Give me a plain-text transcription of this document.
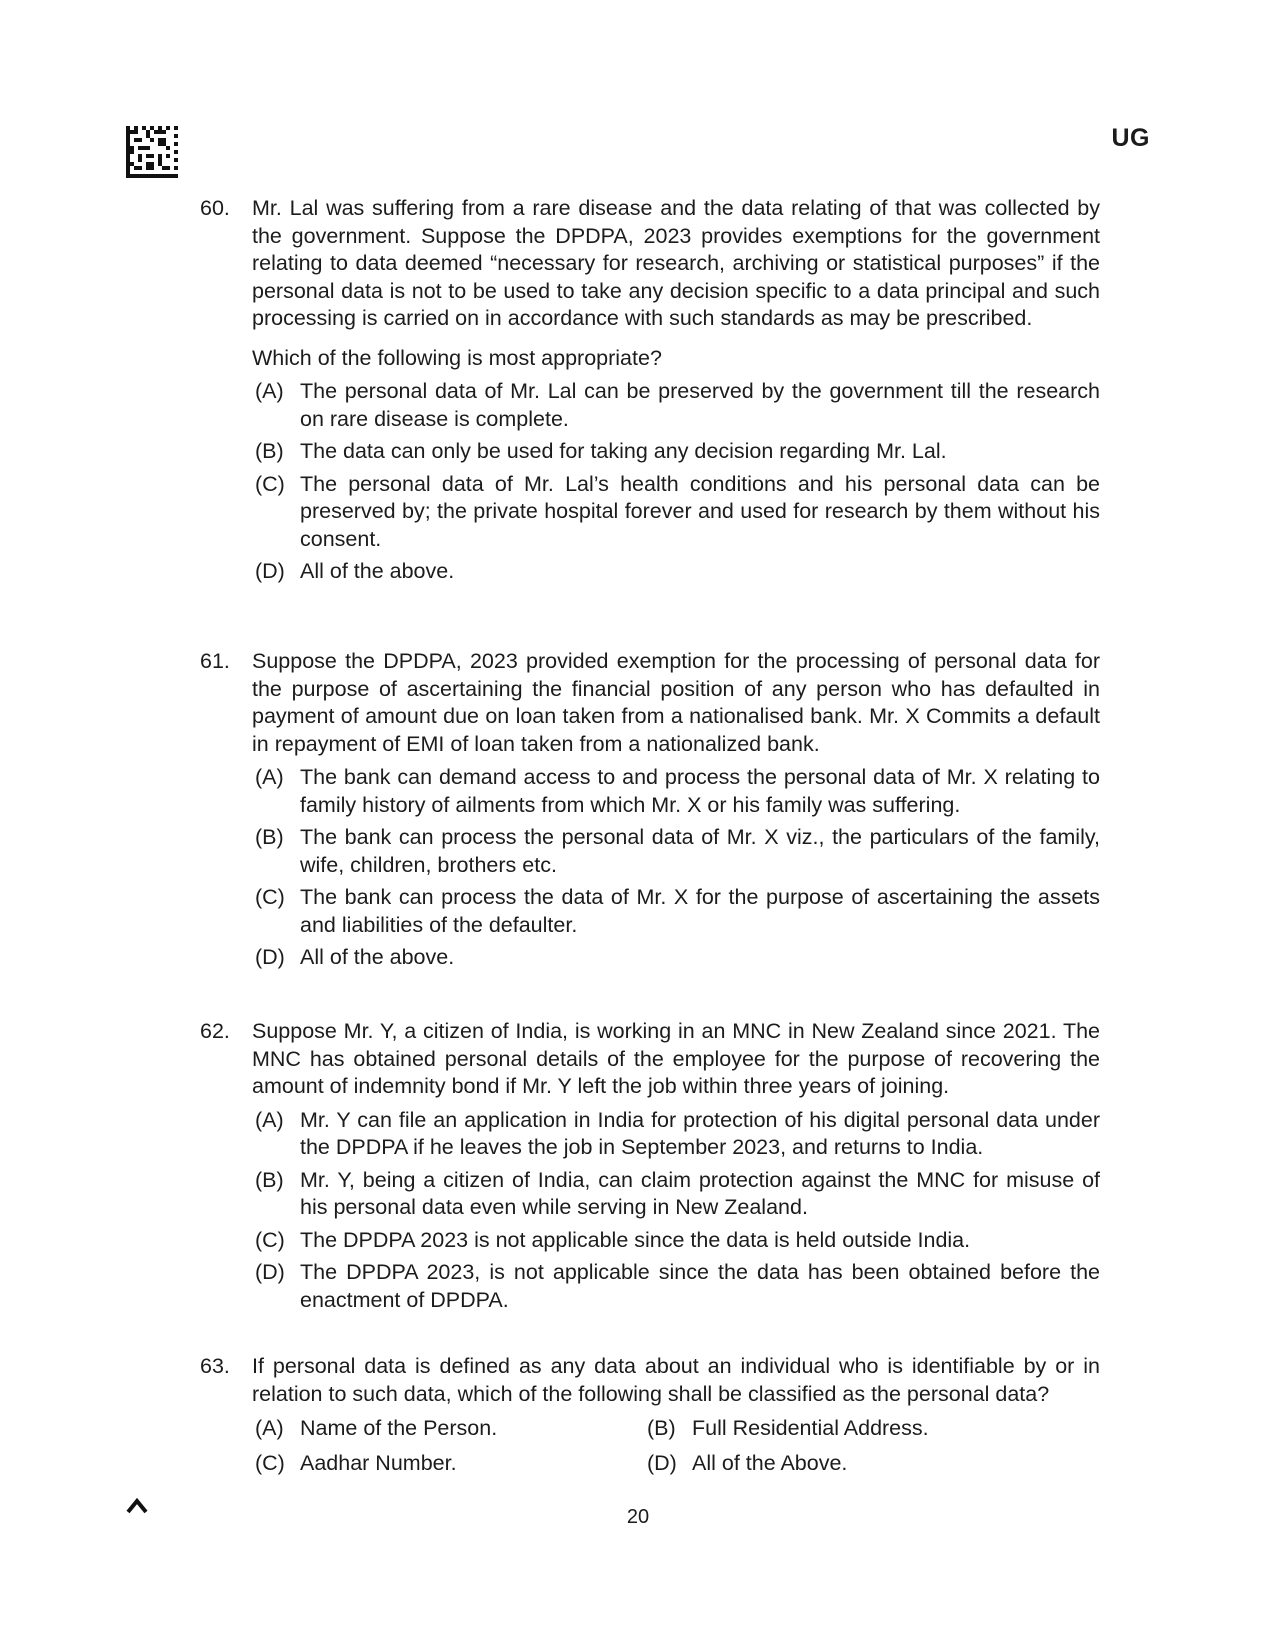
UG
60.	Mr. Lal was suffering from a rare disease and the data relating of that was collected by the government. Suppose the DPDPA, 2023 provides exemptions for the government relating to data deemed “necessary for research, archiving or statistical purposes” if the personal data is not to be used to take any decision specific to a data principal and such processing is carried on in accordance with such standards as may be prescribed.
Which of the following is most appropriate?
(A) The personal data of Mr. Lal can be preserved by the government till the research on rare disease is complete.
(B) The data can only be used for taking any decision regarding Mr. Lal.
(C) The personal data of Mr. Lal’s health conditions and his personal data can be preserved by; the private hospital forever and used for research by them without his consent.
(D) All of the above.
61.	Suppose the DPDPA, 2023 provided exemption for the processing of personal data for the purpose of ascertaining the financial position of any person who has defaulted in payment of amount due on loan taken from a nationalised bank. Mr. X Commits a default in repayment of EMI of loan taken from a nationalized bank.
(A) The bank can demand access to and process the personal data of Mr. X relating to family history of ailments from which Mr. X or his family was suffering.
(B) The bank can process the personal data of Mr. X viz., the particulars of the family, wife, children, brothers etc.
(C) The bank can process the data of Mr. X for the purpose of ascertaining the assets and liabilities of the defaulter.
(D) All of the above.
62.	Suppose Mr. Y, a citizen of India, is working in an MNC in New Zealand since 2021. The MNC has obtained personal details of the employee for the purpose of recovering the amount of indemnity bond if Mr. Y left the job within three years of joining.
(A) Mr. Y can file an application in India for protection of his digital personal data under the DPDPA if he leaves the job in September 2023, and returns to India.
(B) Mr. Y, being a citizen of India, can claim protection against the MNC for misuse of his personal data even while serving in New Zealand.
(C) The DPDPA 2023 is not applicable since the data is held outside India.
(D) The DPDPA 2023, is not applicable since the data has been obtained before the enactment of DPDPA.
63.	If personal data is defined as any data about an individual who is identifiable by or in relation to such data, which of the following shall be classified as the personal data?
(A) Name of the Person.	(B) Full Residential Address.
(C) Aadhar Number.	(D) All of the Above.
20
